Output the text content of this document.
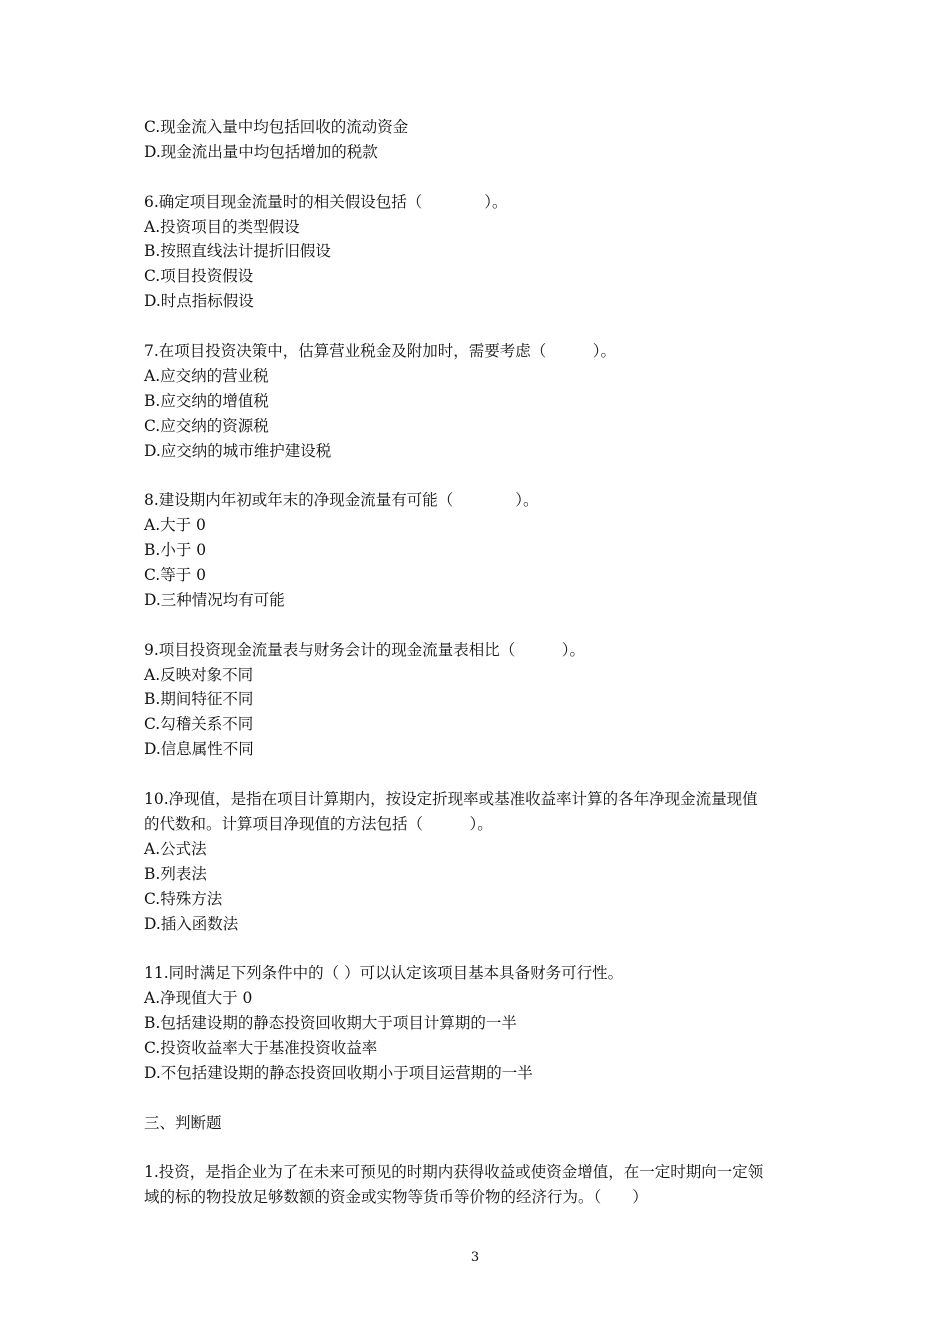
C.现金流入量中均包括回收的流动资金
D.现金流出量中均包括增加的税款
6.确定项目现金流量时的相关假设包括（　　　　）。
A.投资项目的类型假设
B.按照直线法计提折旧假设
C.项目投资假设
D.时点指标假设
7.在项目投资决策中，估算营业税金及附加时，需要考虑（　　　）。
A.应交纳的营业税
B.应交纳的增值税
C.应交纳的资源税
D.应交纳的城市维护建设税
8.建设期内年初或年末的净现金流量有可能（　　　　）。
A.大于 0
B.小于 0
C.等于 0
D.三种情况均有可能
9.项目投资现金流量表与财务会计的现金流量表相比（　　　）。
A.反映对象不同
B.期间特征不同
C.勾稽关系不同
D.信息属性不同
10.净现值，是指在项目计算期内，按设定折现率或基准收益率计算的各年净现金流量现值
的代数和。计算项目净现值的方法包括（　　　）。
A.公式法
B.列表法
C.特殊方法
D.插入函数法
11.同时满足下列条件中的（ ）可以认定该项目基本具备财务可行性。
A.净现值大于 0
B.包括建设期的静态投资回收期大于项目计算期的一半
C.投资收益率大于基准投资收益率
D.不包括建设期的静态投资回收期小于项目运营期的一半
三、判断题
1.投资，是指企业为了在未来可预见的时期内获得收益或使资金增值，在一定时期向一定领
域的标的物投放足够数额的资金或实物等货币等价物的经济行为。（　　）
3
